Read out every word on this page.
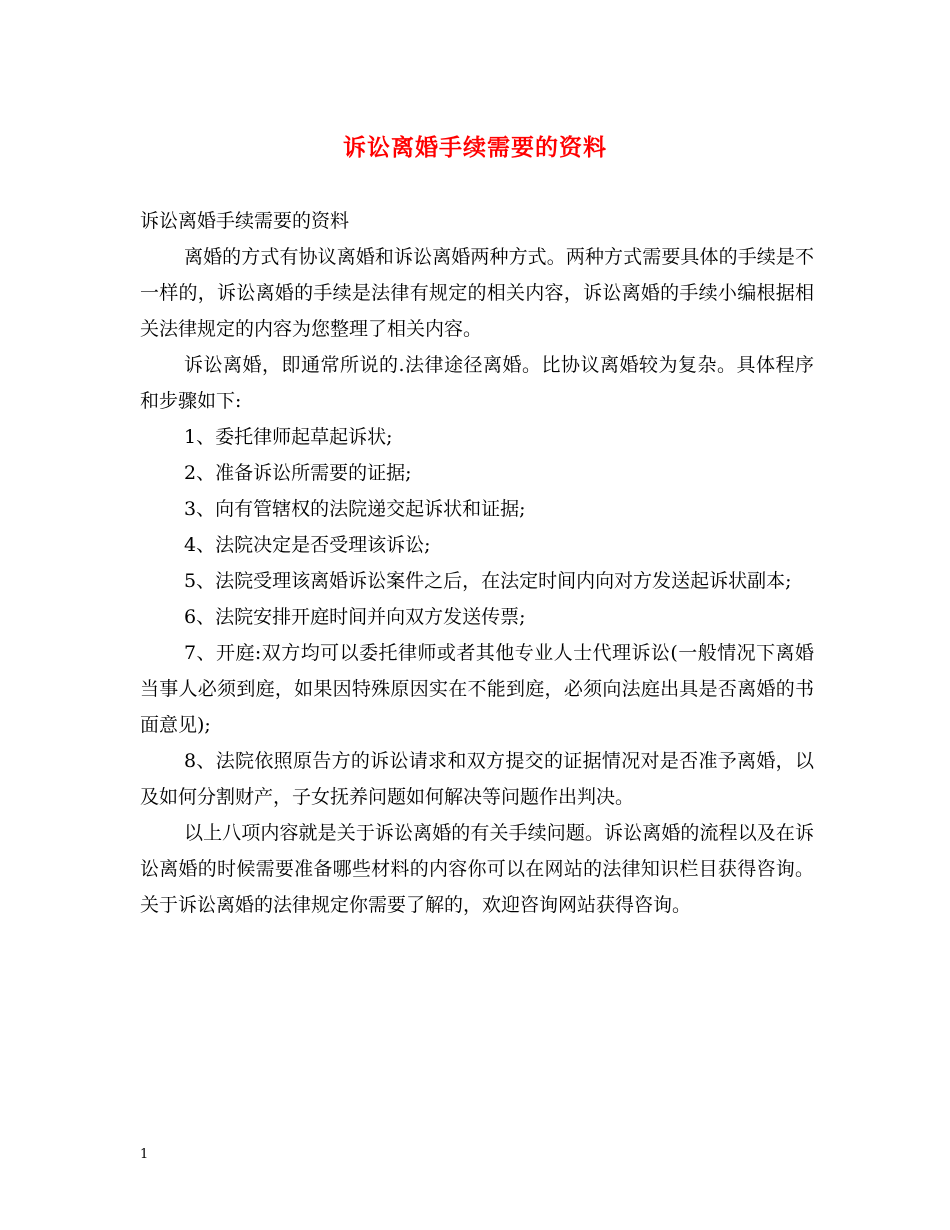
诉讼离婚手续需要的资料

诉讼离婚手续需要的资料

离婚的方式有协议离婚和诉讼离婚两种方式。两种方式需要具体的手续是不一样的，诉讼离婚的手续是法律有规定的相关内容，诉讼离婚的手续小编根据相关法律规定的内容为您整理了相关内容。

诉讼离婚，即通常所说的.法律途径离婚。比协议离婚较为复杂。具体程序和步骤如下:

1、委托律师起草起诉状;

2、准备诉讼所需要的证据;

3、向有管辖权的法院递交起诉状和证据;

4、法院决定是否受理该诉讼;

5、法院受理该离婚诉讼案件之后，在法定时间内向对方发送起诉状副本;

6、法院安排开庭时间并向双方发送传票;

7、开庭:双方均可以委托律师或者其他专业人士代理诉讼(一般情况下离婚当事人必须到庭，如果因特殊原因实在不能到庭，必须向法庭出具是否离婚的书面意见);

8、法院依照原告方的诉讼请求和双方提交的证据情况对是否准予离婚，以及如何分割财产，子女抚养问题如何解决等问题作出判决。

以上八项内容就是关于诉讼离婚的有关手续问题。诉讼离婚的流程以及在诉讼离婚的时候需要准备哪些材料的内容你可以在网站的法律知识栏目获得咨询。关于诉讼离婚的法律规定你需要了解的，欢迎咨询网站获得咨询。

1
